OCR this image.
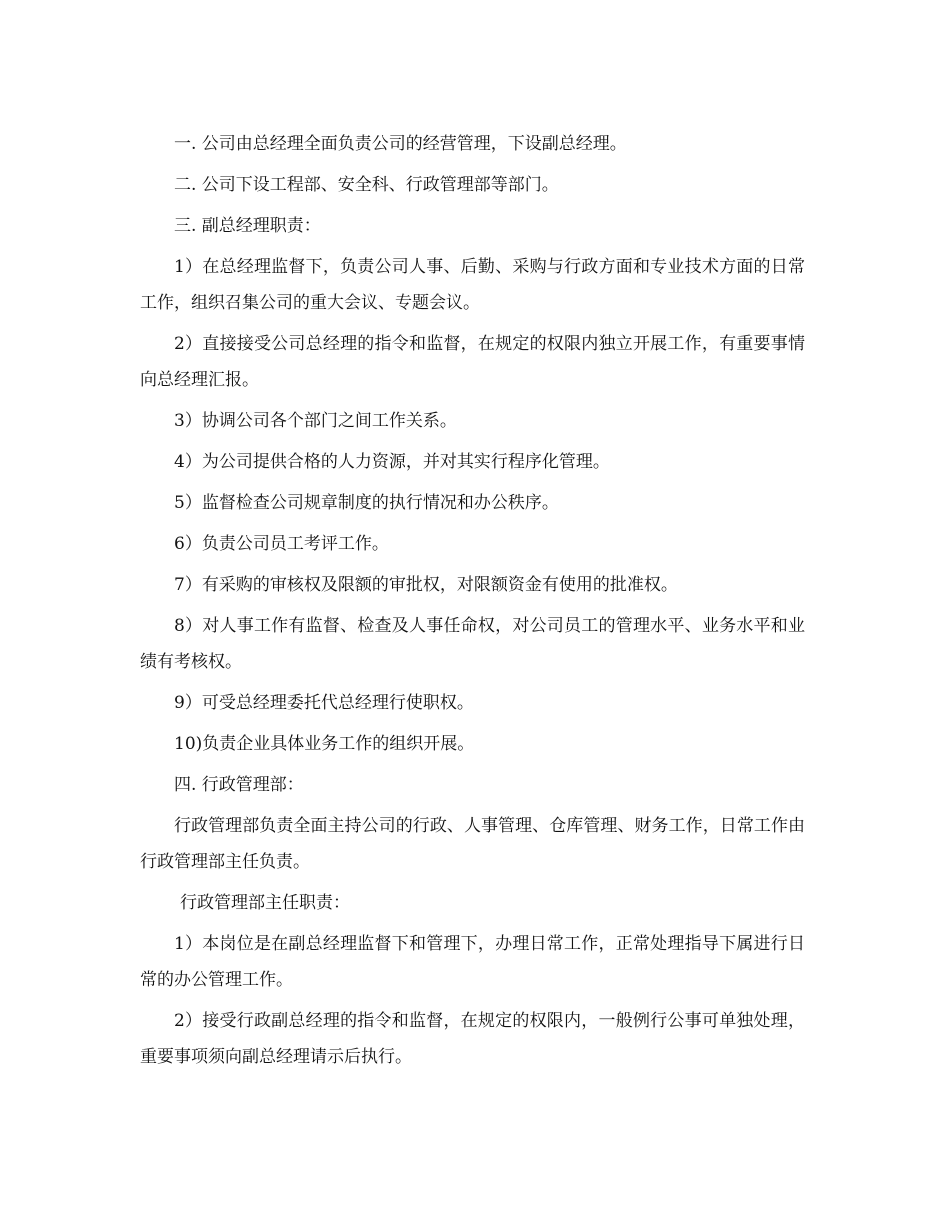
一. 公司由总经理全面负责公司的经营管理，下设副总经理。

二. 公司下设工程部、安全科、行政管理部等部门。

三. 副总经理职责：

1）在总经理监督下，负责公司人事、后勤、采购与行政方面和专业技术方面的日常工作，组织召集公司的重大会议、专题会议。

2）直接接受公司总经理的指令和监督，在规定的权限内独立开展工作，有重要事情向总经理汇报。

3）协调公司各个部门之间工作关系。

4）为公司提供合格的人力资源，并对其实行程序化管理。

5）监督检查公司规章制度的执行情况和办公秩序。

6）负责公司员工考评工作。

7）有采购的审核权及限额的审批权，对限额资金有使用的批准权。

8）对人事工作有监督、检查及人事任命权，对公司员工的管理水平、业务水平和业绩有考核权。

9）可受总经理委托代总经理行使职权。

10)负责企业具体业务工作的组织开展。

四. 行政管理部：

行政管理部负责全面主持公司的行政、人事管理、仓库管理、财务工作，日常工作由行政管理部主任负责。

行政管理部主任职责：

1）本岗位是在副总经理监督下和管理下，办理日常工作，正常处理指导下属进行日常的办公管理工作。

2）接受行政副总经理的指令和监督，在规定的权限内，一般例行公事可单独处理，重要事项须向副总经理请示后执行。
